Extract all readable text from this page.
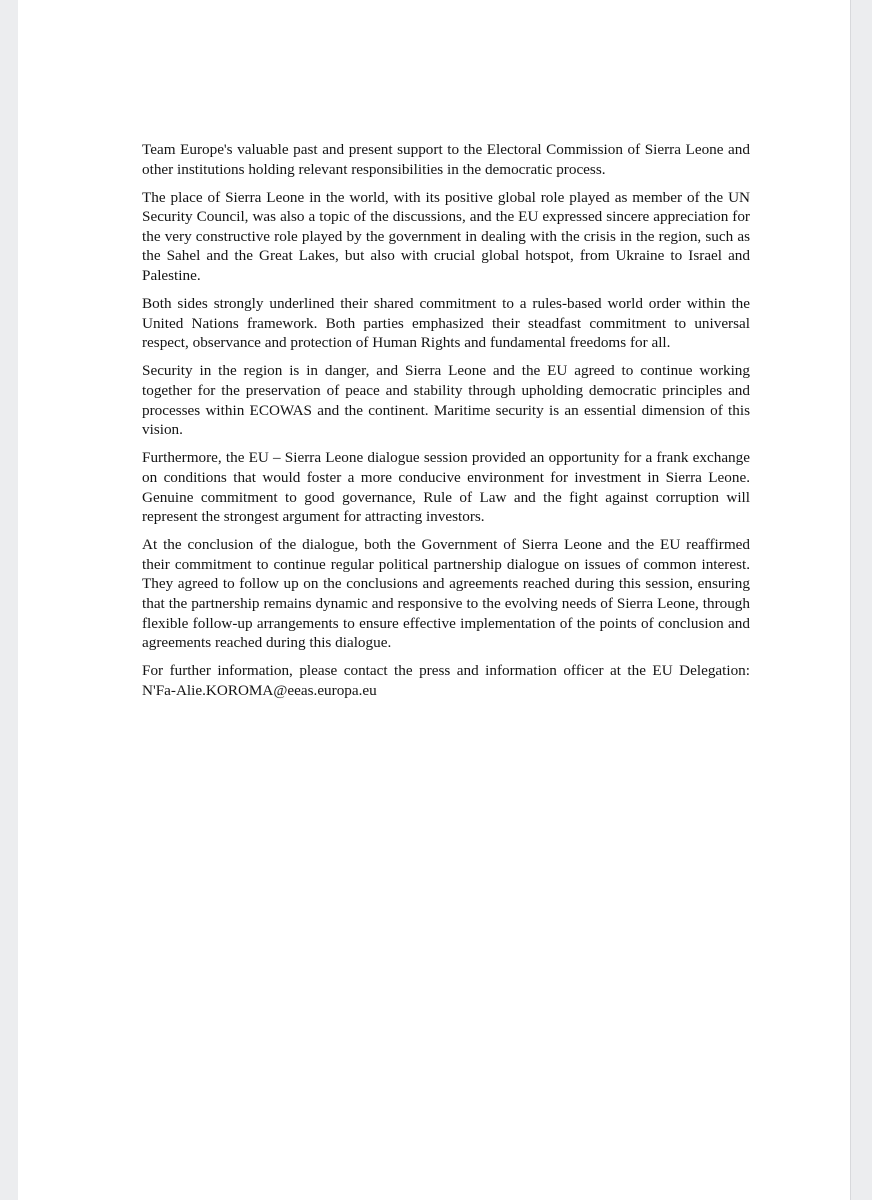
Team Europe's valuable past and present support to the Electoral Commission of Sierra Leone and other institutions holding relevant responsibilities in the democratic process.

The place of Sierra Leone in the world, with its positive global role played as member of the UN Security Council, was also a topic of the discussions, and the EU expressed sincere appreciation for the very constructive role played by the government in dealing with the crisis in the region, such as the Sahel and the Great Lakes, but also with crucial global hotspot, from Ukraine to Israel and Palestine.

Both sides strongly underlined their shared commitment to a rules-based world order within the United Nations framework. Both parties emphasized their steadfast commitment to universal respect, observance and protection of Human Rights and fundamental freedoms for all.

Security in the region is in danger, and Sierra Leone and the EU agreed to continue working together for the preservation of peace and stability through upholding democratic principles and processes within ECOWAS and the continent. Maritime security is an essential dimension of this vision.

Furthermore, the EU – Sierra Leone dialogue session provided an opportunity for a frank exchange on conditions that would foster a more conducive environment for investment in Sierra Leone. Genuine commitment to good governance, Rule of Law and the fight against corruption will represent the strongest argument for attracting investors.

At the conclusion of the dialogue, both the Government of Sierra Leone and the EU reaffirmed their commitment to continue regular political partnership dialogue on issues of common interest. They agreed to follow up on the conclusions and agreements reached during this session, ensuring that the partnership remains dynamic and responsive to the evolving needs of Sierra Leone, through flexible follow-up arrangements to ensure effective implementation of the points of conclusion and agreements reached during this dialogue.

For further information, please contact the press and information officer at the EU Delegation: N'Fa-Alie.KOROMA@eeas.europa.eu
